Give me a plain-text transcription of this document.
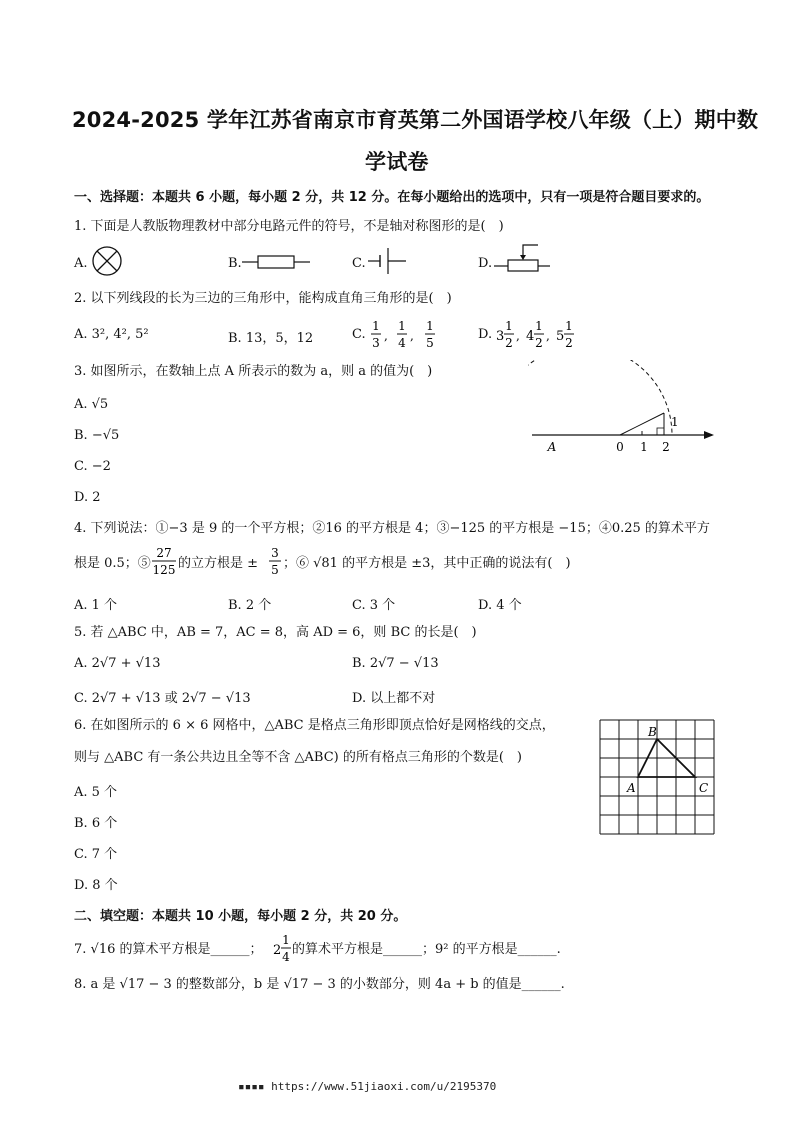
2024-2025 学年江苏省南京市育英第二外国语学校八年级（上）期中数
学试卷
一、选择题：本题共 6 小题，每小题 2 分，共 12 分。在每小题给出的选项中，只有一项是符合题目要求的。
1. 下面是人教版物理教材中部分电路元件的符号，不是轴对称图形的是(　)
A.	B.	C.	D.
2. 以下列线段的长为三边的三角形中，能构成直角三角形的是(　)
A. 3², 4², 5²	B. 13，5，12	C.
1
3 ,
1
4 ,
1
5
D. 3
1
2 , 4
1
2 , 5
1
2
3. 如图所示，在数轴上点 A 所表示的数为 a，则 a 的值为(　)
A. √5
B. −√5
C. −2
D. 2
A	0 1 2
1
4. 下列说法：①−3 是 9 的一个平方根；②16 的平方根是 4；③−125 的平方根是 −15；④0.25 的算术平方
根是 0.5；⑤
27
125 的立方根是 ±
3
5 ；⑥ √81 的平方根是 ±3，其中正确的说法有(　)
A. 1 个	B. 2 个	C. 3 个	D. 4 个
5. 若 △ABC 中，AB = 7，AC = 8，高 AD = 6，则 BC 的长是(　)
A. 2√7 + √13	B. 2√7 − √13
C. 2√7 + √13 或 2√7 − √13	D. 以上都不对
6. 在如图所示的 6 × 6 网格中，△ABC 是格点三角形即顶点恰好是网格线的交点，
则与 △ABC 有一条公共边且全等不含 △ABC) 的所有格点三角形的个数是(　)
A. 5 个
B. 6 个
C. 7 个
D. 8 个
A
B
C
二、填空题：本题共 10 小题，每小题 2 分，共 20 分。
7. √16 的算术平方根是______； 2
1
4 的算术平方根是______；9² 的平方根是______.
8. a 是 √17 − 3 的整数部分，b 是 √17 − 3 的小数部分，则 4a + b 的值是______.
▪▪▪▪ https://www.51jiaoxi.com/u/2195370
